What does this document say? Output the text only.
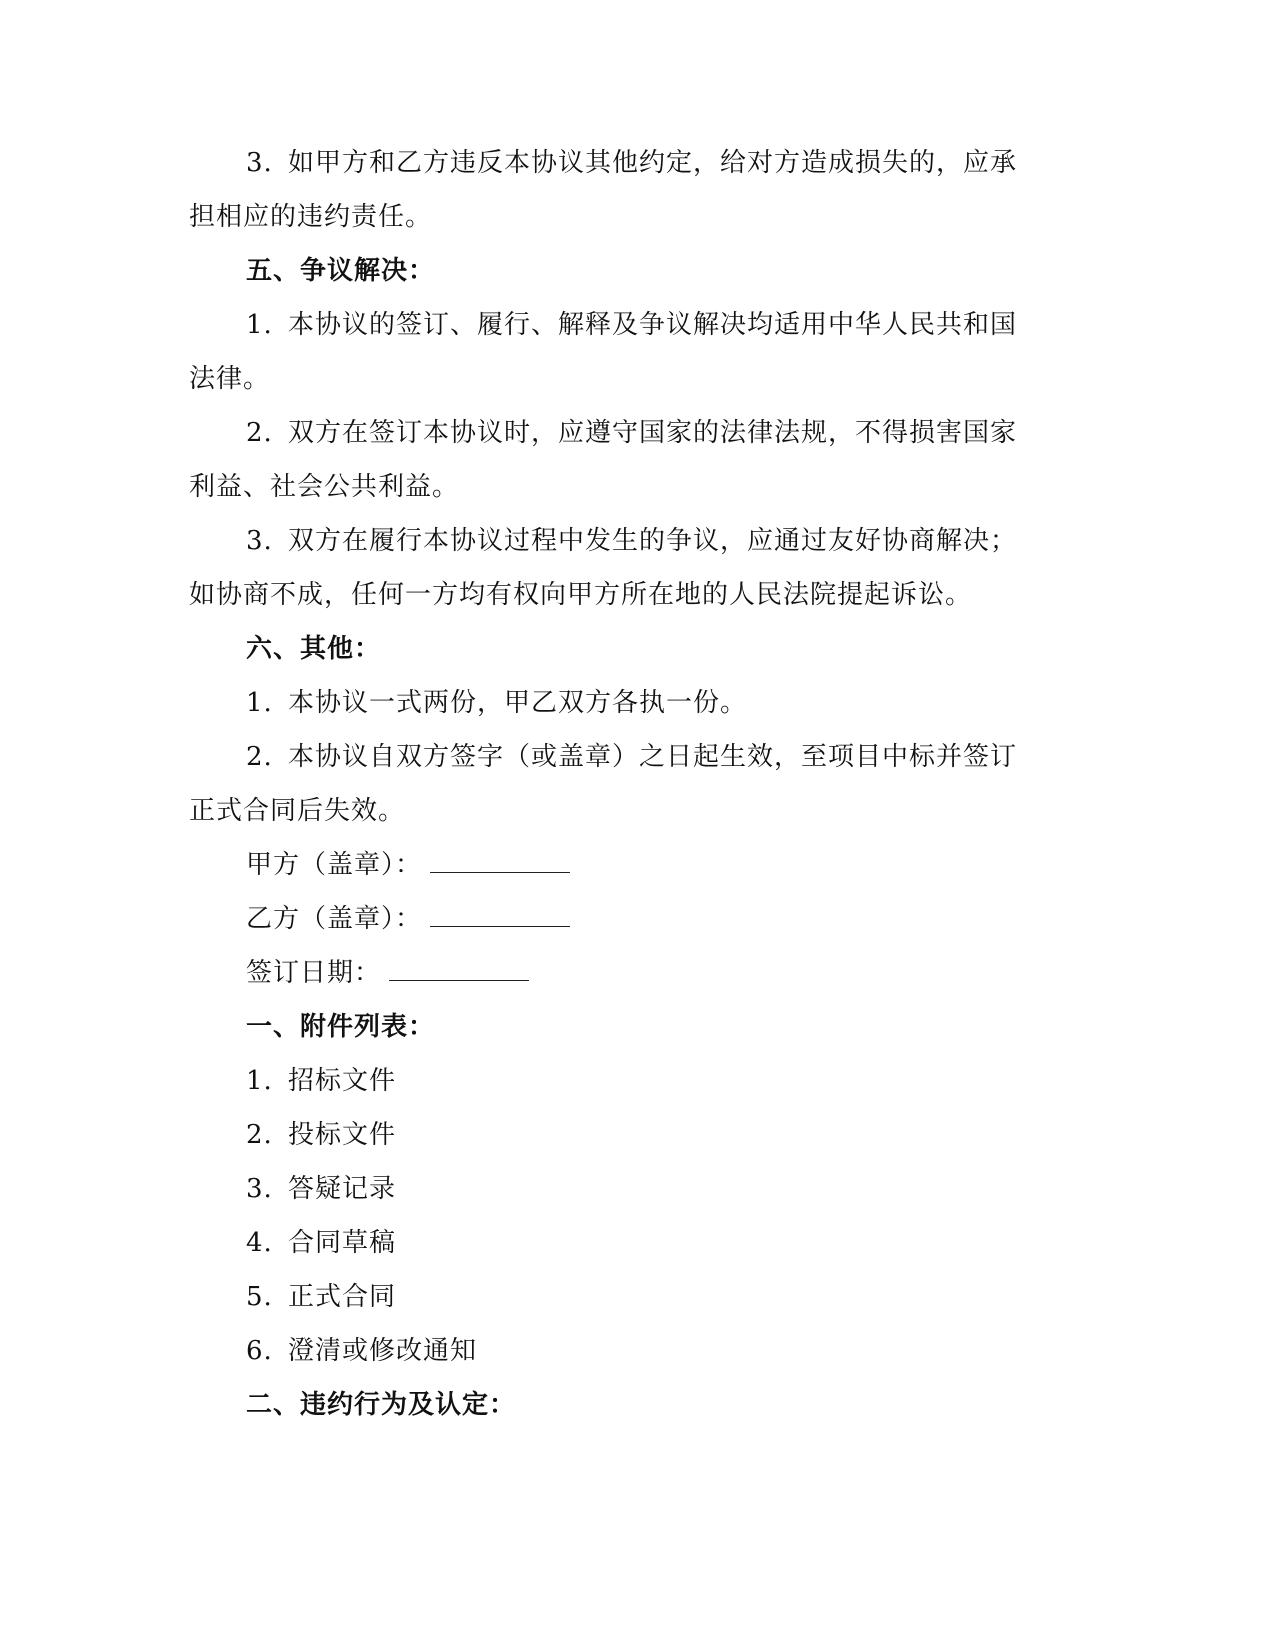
3. 如甲方和乙方违反本协议其他约定，给对方造成损失的，应承
担相应的违约责任。
五、争议解决：
1. 本协议的签订、履行、解释及争议解决均适用中华人民共和国
法律。
2. 双方在签订本协议时，应遵守国家的法律法规，不得损害国家
利益、社会公共利益。
3. 双方在履行本协议过程中发生的争议，应通过友好协商解决；
如协商不成，任何一方均有权向甲方所在地的人民法院提起诉讼。
六、其他：
1. 本协议一式两份，甲乙双方各执一份。
2. 本协议自双方签字（或盖章）之日起生效，至项目中标并签订
正式合同后失效。
甲方（盖章）：
乙方（盖章）：
签订日期：
一、附件列表：
1. 招标文件
2. 投标文件
3. 答疑记录
4. 合同草稿
5. 正式合同
6. 澄清或修改通知
二、违约行为及认定：
